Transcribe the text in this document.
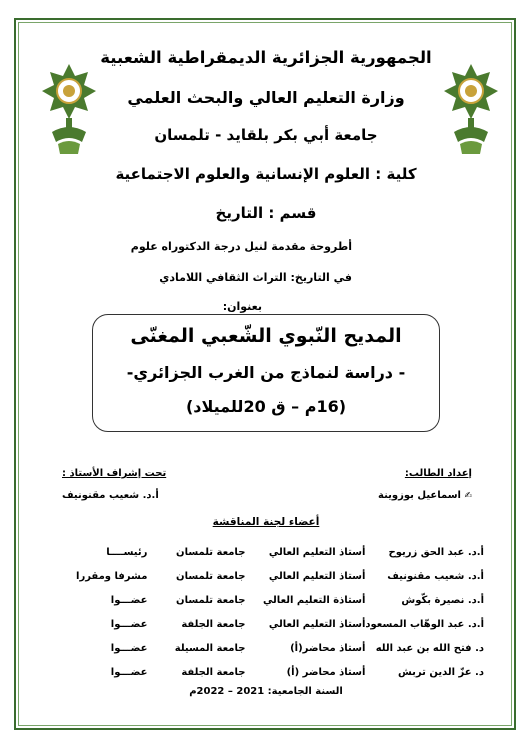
الجمهورية الجزائرية الديمقراطية الشعبية
وزارة التعليم العالي والبحث العلمي
جامعة أبي بكر بلقايد - تلمسان
كلية : العلوم الإنسانية والعلوم الاجتماعية
قسم : التاريخ
أطروحة مقدمة لنيل درجة الدكتوراه علوم
في التاريخ: التراث الثقافي اللامادي
بعنوان:
المديح النّبوي الشّعبي المغنّى
- دراسة لنماذج من الغرب الجزائري-
(16م – ق 20للميلاد)
إعداد الطالب:
✍ اسماعيل بوزوينة
تحت إشراف الأستاذ :
أ.د. شعيب مقنونيف
أعضاء لجنة المناقشة
أ.د. عبد الحق زريوح	أستاذ التعليم العالي	جامعة تلمسان	رئيســــا
أ.د. شعيب مقنونيف	أستاذ التعليم العالي	جامعة تلمسان	مشرفا ومقررا
أ.د. نصيرة بكّوش	أستاذة التعليم العالي	جامعة تلمسان	عضـــوا
أ.د. عبد الوهّاب المسعود	أستاذ التعليم العالي	جامعة الجلفة	عضـــوا
د. فتح الله بن عبد الله	أستاذ محاضر(أ)	جامعة المسيلة	عضـــوا
د. عزّ الدين تربش	أستاذ محاضر (أ)	جامعة الجلفة	عضـــوا
السنة الجامعية: 2021 – 2022م
